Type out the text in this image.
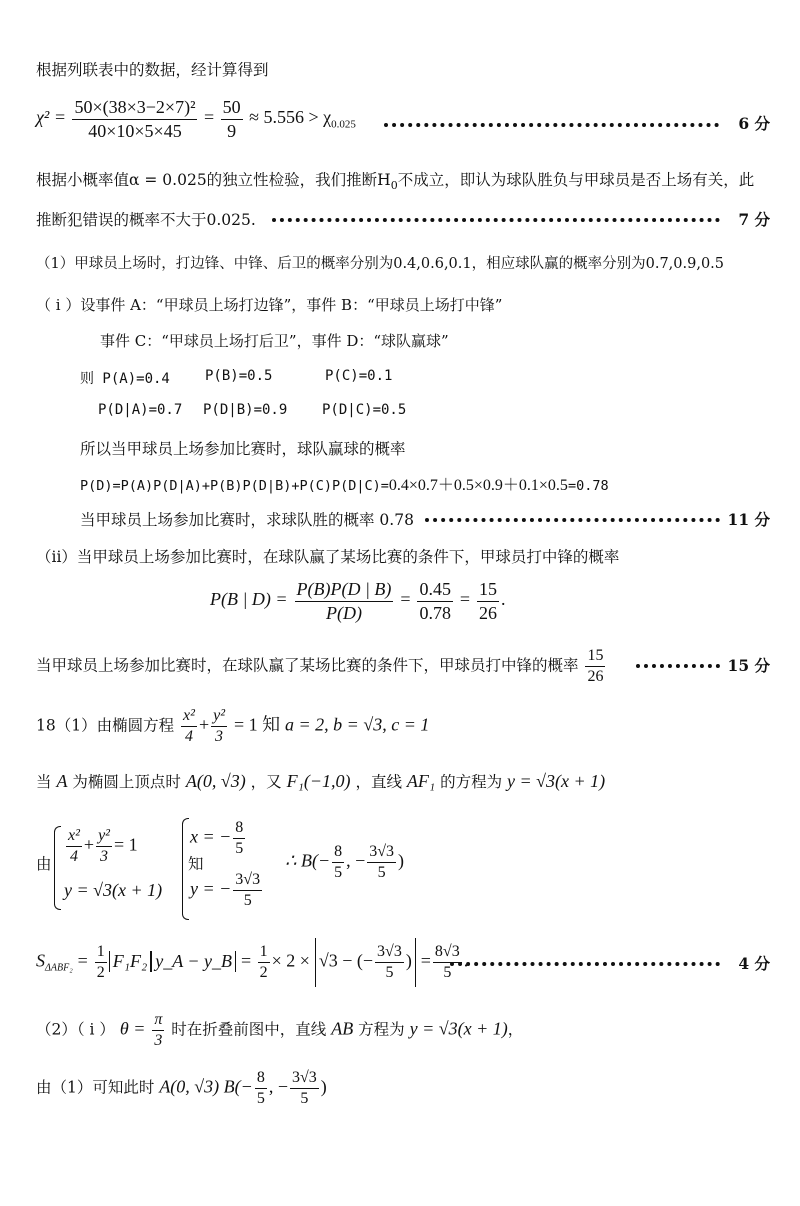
根据列联表中的数据，经计算得到
$\chi^2 = \frac{\text{50×(38×3−2×7)²}}{40\times 10\times 5\times 45} = \frac{50}{9} \approx 5.556 > \chi_{0.025}$	6 分
根据小概率值α = 0.025的独立性检验，我们推断$H_0$不成立，即认为球队胜负与甲球员是否上场有关，此
推断犯错误的概率不大于0.025.	7 分
（1）甲球员上场时，打边锋、中锋、后卫的概率分别为0.4,0.6,0.1，相应球队赢的概率分别为0.7,0.9,0.5
（ i ）设事件 A：“甲球员上场打边锋”，事件 B：“甲球员上场打中锋”
事件 C：“甲球员上场打后卫”，事件 D：“球队赢球”
则 P(A)=0.4	P(B)=0.5	P(C)=0.1
P(D|A)=0.7 P(D|B)=0.9 P(D|C)=0.5
所以当甲球员上场参加比赛时，球队赢球的概率
P(D)=P(A)P(D|A)+P(B)P(D|B)+P(C)P(D|C)=0.4×0.7＋0.5×0.9＋0.1×0.5=0.78
当甲球员上场参加比赛时，求球队胜的概率 0.78	11 分
（ii）当甲球员上场参加比赛时，在球队赢了某场比赛的条件下，甲球员打中锋的概率
P(B | $D) = \frac{P(B)P(D | B)}{P(D)} = \frac{0.45}{0.78} = \frac{15}{26}$ .
当甲球员上场参加比赛时，在球队赢了某场比赛的条件下，甲球员打中锋的概率 $\frac{15}{26}$	15 分
18（1）由椭圆方程 $\frac{\text{x²}}{4} + \frac{\text{y²}}{3} = 1$ 知 a = 2, b = √3, c = 1
当 A 为椭圆上顶点时 A(0, √3) ，又 F₁(−1,0) ，直线 AF₁ 的方程为 y = √3(x + 1)
由 $\frac{\text{x²}}{4} + \frac{\text{y²}}{3} = 1$
y = √3(x + 1)
知
x = − $\frac{8}{5}$
y = − $\frac{3√3}{5}$
∴ $B(- \frac{8}{5}$ , − $\frac{3√3}{5}$ )
$S_{\Delta ABF_2} = \frac{1}{2} F_1F_2$ y_A − y_B = $\frac{1}{2} \times 2 \times √3$ − (− $\frac{3√3}{5}$ ) = $\frac{8√3}{5}$ .	4 分
（2）（ i ） $\theta = \frac{\pi}{3}$ 时在折叠前图中，直线 AB 方程为 y = √3(x + 1)，
由（1）可知此时 A(0, √3) $B(- \frac{8}{5}$ , − $\frac{3√3}{5}$ )
